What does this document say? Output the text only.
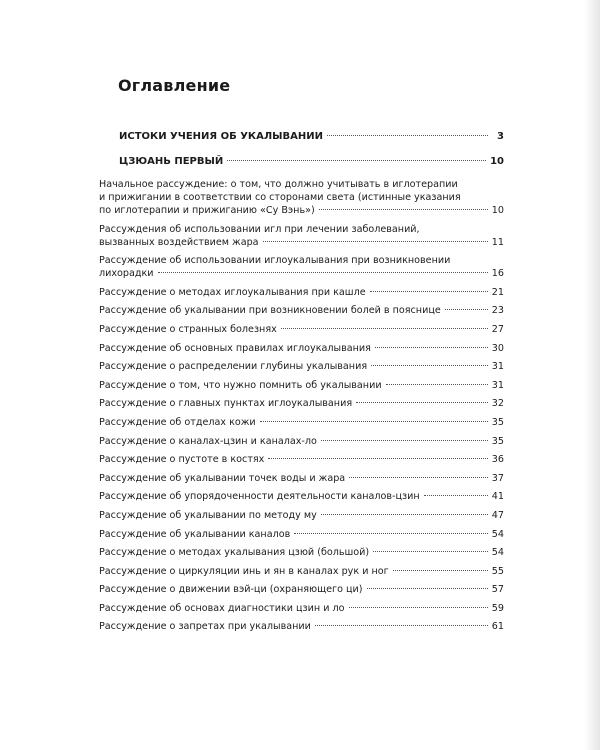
Оглавление
ИСТОКИ УЧЕНИЯ ОБ УКАЛЫВАНИИ	3
ЦЗЮАНЬ ПЕРВЫЙ	10
Начальное рассуждение: о том, что должно учитывать в иглотерапии
и прижигании в соответствии со сторонами света (истинные указания
по иглотерапии и прижиганию «Су Вэнь»)	10
Рассуждения об использовании игл при лечении заболеваний,
вызванных воздействием жара	11
Рассуждение об использовании иглоукалывания при возникновении
лихорадки	16
Рассуждение о методах иглоукалывания при кашле	21
Рассуждение об укалывании при возникновении болей в пояснице	23
Рассуждение о странных болезнях	27
Рассуждение об основных правилах иглоукалывания	30
Рассуждение о распределении глубины укалывания	31
Рассуждение о том, что нужно помнить об укалывании	31
Рассуждение о главных пунктах иглоукалывания	32
Рассуждение об отделах кожи	35
Рассуждение о каналах-цзин и каналах-ло	35
Рассуждение о пустоте в костях	36
Рассуждение об укалывании точек воды и жара	37
Рассуждение об упорядоченности деятельности каналов-цзин	41
Рассуждение об укалывании по методу му	47
Рассуждение об укалывании каналов	54
Рассуждение о методах укалывания цзюй (большой)	54
Рассуждение о циркуляции инь и ян в каналах рук и ног	55
Рассуждение о движении вэй-ци (охраняющего ци)	57
Рассуждение об основах диагностики цзин и ло	59
Рассуждение о запретах при укалывании	61
